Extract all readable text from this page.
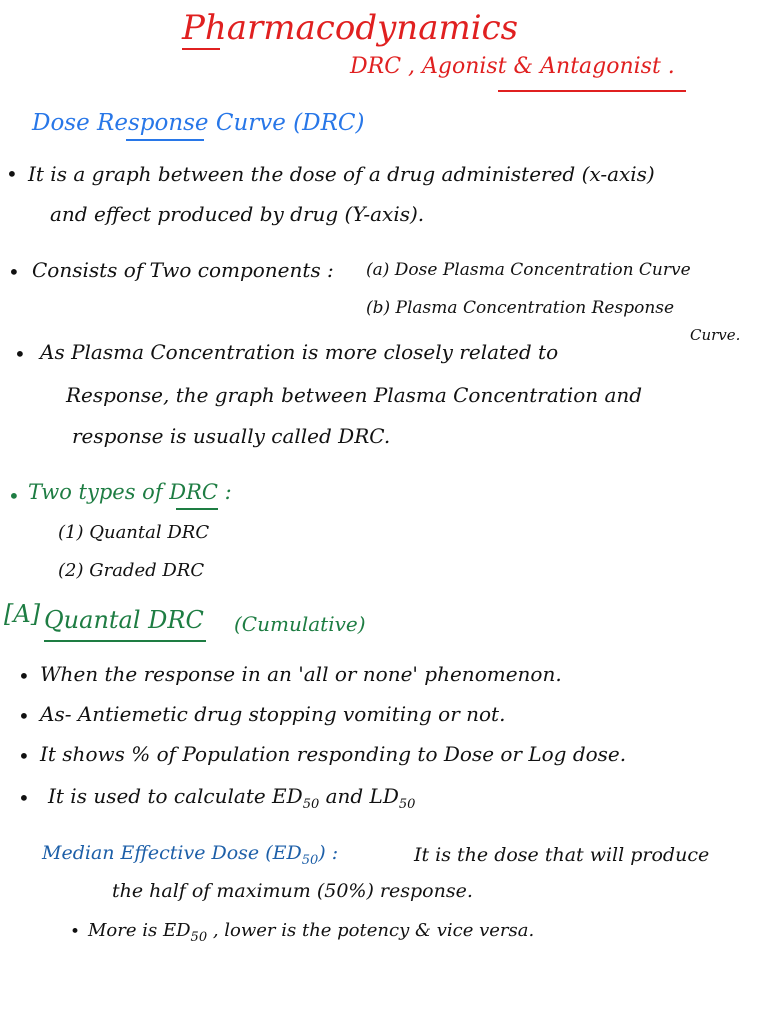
Pharmacodynamics
DRC , Agonist & Antagonist .
Dose Response Curve (DRC)
• It is a graph between the dose of a drug administered (x-axis)
and effect produced by drug (Y-axis).
• Consists of Two components : (a) Dose Plasma Concentration Curve
(b) Plasma Concentration Response
Curve.
• As Plasma Concentration is more closely related to
Response, the graph between Plasma Concentration and
response is usually called DRC.
• Two types of DRC :
(1) Quantal DRC
(2) Graded DRC
[A] Quantal DRC (Cumulative)
• When the response in an 'all or none' phenomenon.
• As- Antiemetic drug stopping vomiting or not.
• It shows % of Population responding to Dose or Log dose.
• It is used to calculate $ED_{50}$ and $LD_{50}$
Median Effective Dose $(ED_{50})$ :	It is the dose that will produce
the half of maximum (50%) response.
• More is $ED_{50}$ , lower is the potency & vice versa.
